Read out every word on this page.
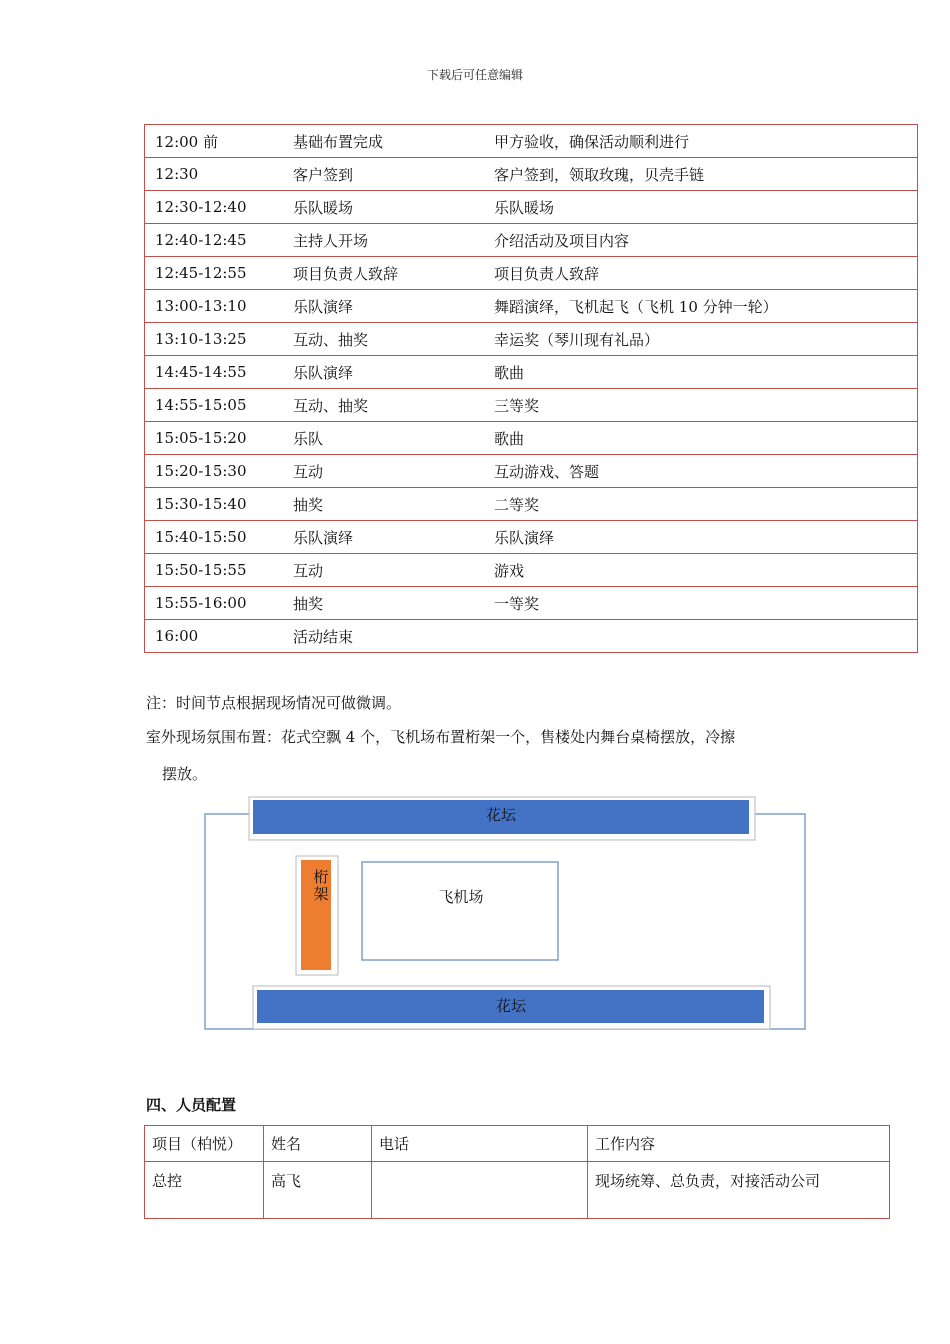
下载后可任意编辑
12:00 前	基础布置完成	甲方验收，确保活动顺利进行
12:30	客户签到	客户签到，领取玫瑰，贝壳手链
12:30-12:40	乐队暖场	乐队暖场
12:40-12:45	主持人开场	介绍活动及项目内容
12:45-12:55	项目负责人致辞	项目负责人致辞
13:00-13:10	乐队演绎	舞蹈演绎，飞机起飞（飞机 10 分钟一轮）
13:10-13:25	互动、抽奖	幸运奖（琴川现有礼品）
14:45-14:55	乐队演绎	歌曲
14:55-15:05	互动、抽奖	三等奖
15:05-15:20	乐队	歌曲
15:20-15:30	互动	互动游戏、答题
15:30-15:40	抽奖	二等奖
15:40-15:50	乐队演绎	乐队演绎
15:50-15:55	互动	游戏
15:55-16:00	抽奖	一等奖
16:00	活动结束	
注：时间节点根据现场情况可做微调。
室外现场氛围布置：花式空飘 4 个，飞机场布置桁架一个，售楼处内舞台桌椅摆放，冷擦
摆放。
花坛
桁
架	飞机场
花坛
四、人员配置
项目（柏悦）	姓名	电话	工作内容
总控	高飞		现场统筹、总负责，对接活动公司
